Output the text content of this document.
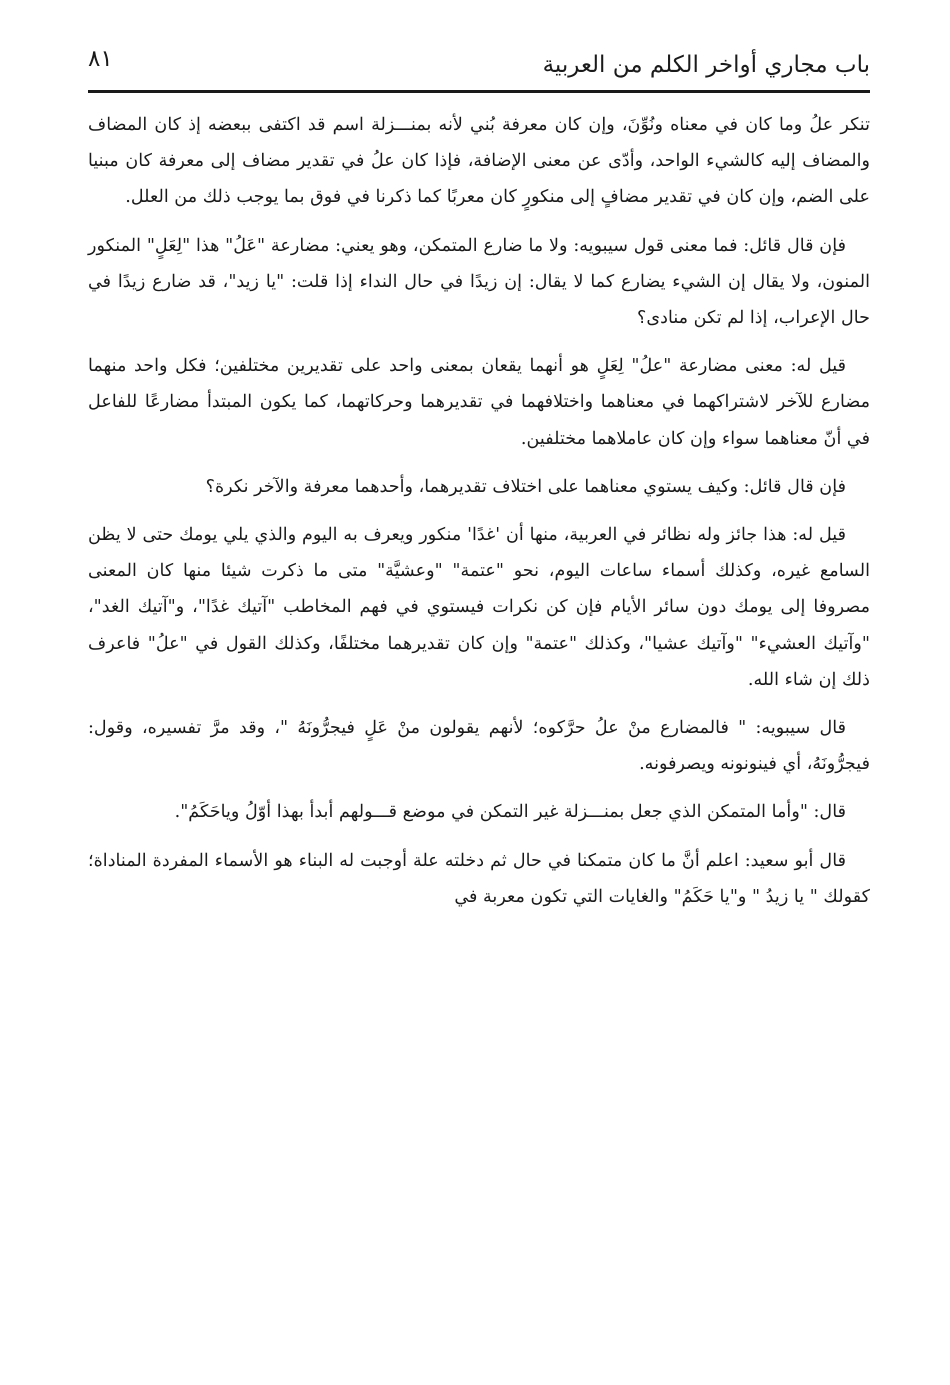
باب مجاري أواخر الكلم من العربية
٨١

تنكر علُ وما كان في معناه ونُوِّنَ، وإن كان معرفة بُني لأنه بمنـــزلة اسم قد اكتفى ببعضه إذ كان المضاف والمضاف إليه كالشيء الواحد، وأدّى عن معنى الإضافة، فإذا كان علُ في تقدير مضاف إلى معرفة كان مبنيا على الضم، وإن كان في تقدير مضافٍ إلى منكورٍ كان معربًا كما ذكرنا في فوق بما يوجب ذلك من العلل.

فإن قال قائل: فما معنى قول سيبويه: ولا ما ضارع المتمكن، وهو يعني: مضارعة "عَلُ" هذا "لِعَلٍ" المنكور المنون، ولا يقال إن الشيء يضارع كما لا يقال: إن زيدًا في حال النداء إذا قلت: "يا زيد"، قد ضارع زيدًا في حال الإعراب، إذا لم تكن منادى؟

قيل له: معنى مضارعة "علُ" لِعَلٍ هو أنهما يقعان بمعنى واحد على تقديرين مختلفين؛ فكل واحد منهما مضارع للآخر لاشتراكهما في معناهما واختلافهما في تقديرهما وحركاتهما، كما يكون المبتدأ مضارعًا للفاعل في أنّ معناهما سواء وإن كان عاملاهما مختلفين.

فإن قال قائل: وكيف يستوي معناهما على اختلاف تقديرهما، وأحدهما معرفة والآخر نكرة؟

قيل له: هذا جائز وله نظائر في العربية، منها أن 'غدًا' منكور ويعرف به اليوم والذي يلي يومك حتى لا يظن السامع غيره، وكذلك أسماء ساعات اليوم، نحو "عتمة" "وعشيَّة" متى ما ذكرت شيئا منها كان المعنى مصروفا إلى يومك دون سائر الأيام فإن كن نكرات فيستوي في فهم المخاطب "آتيك غدًا"، و"آتيك الغد"، "وآتيك العشيء" "وآتيك عشيا"، وكذلك "عتمة" وإن كان تقديرهما مختلفًا، وكذلك القول في "علُ" فاعرف ذلك إن شاء الله.

قال سيبويه: " فالمضارع منْ علُ حرَّكوه؛ لأنهم يقولون منْ عَلٍ فيجرُّونَهُ "، وقد مرَّ تفسيره، وقول: فيجرُّونَهُ، أي فينونونه ويصرفونه.

قال: "وأما المتمكن الذي جعل بمنـــزلة غير التمكن في موضع قـــولهم أبدأ بهذا أوّلُ وياحَكَمُ".

قال أبو سعيد: اعلم أنَّ ما كان متمكنا في حال ثم دخلته علة أوجبت له البناء هو الأسماء المفردة المناداة؛ كقولك " يا زيدُ " و"يا حَكَمُ" والغايات التي تكون معربة في
